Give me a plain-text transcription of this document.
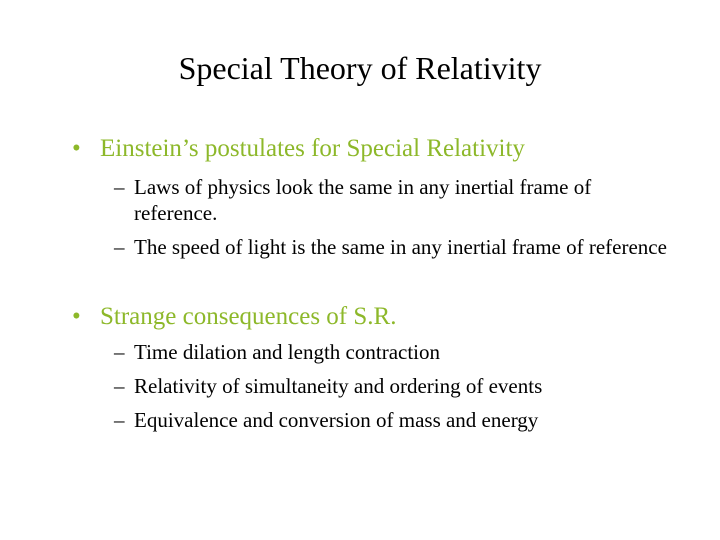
Special Theory of Relativity
• Einstein’s postulates for Special Relativity
– Laws of physics look the same in any inertial frame of reference.
– The speed of light is the same in any inertial frame of reference
• Strange consequences of S.R.
– Time dilation and length contraction
– Relativity of simultaneity and ordering of events
– Equivalence and conversion of mass and energy
